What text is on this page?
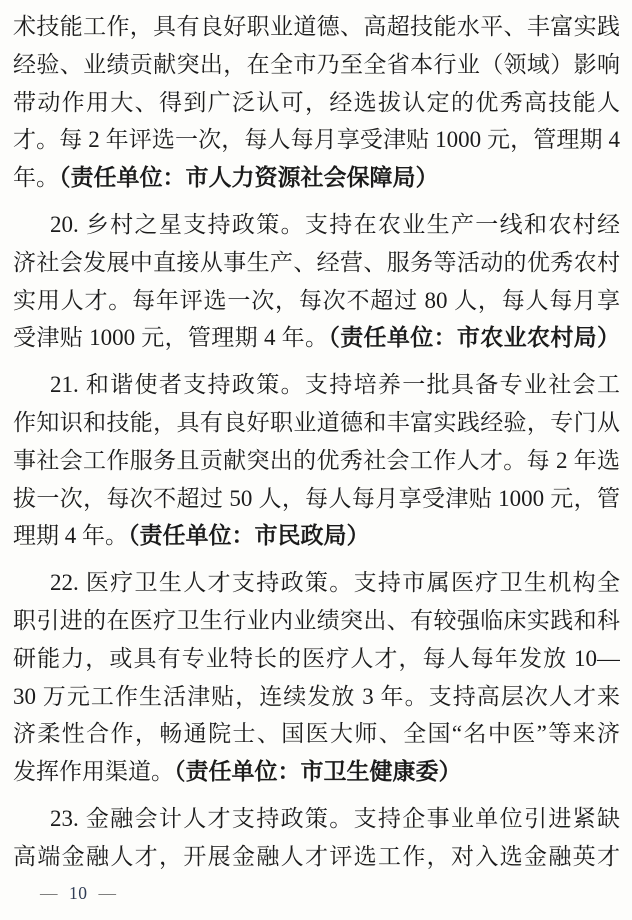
术技能工作，具有良好职业道德、高超技能水平、丰富实践
经验、业绩贡献突出，在全市乃至全省本行业（领域）影响
带动作用大、得到广泛认可，经选拔认定的优秀高技能人
才。每 2 年评选一次，每人每月享受津贴 1000 元，管理期 4
年。（责任单位：市人力资源社会保障局）
20. 乡村之星支持政策。支持在农业生产一线和农村经
济社会发展中直接从事生产、经营、服务等活动的优秀农村
实用人才。每年评选一次，每次不超过 80 人，每人每月享
受津贴 1000 元，管理期 4 年。（责任单位：市农业农村局）
21. 和谐使者支持政策。支持培养一批具备专业社会工
作知识和技能，具有良好职业道德和丰富实践经验，专门从
事社会工作服务且贡献突出的优秀社会工作人才。每 2 年选
拔一次，每次不超过 50 人，每人每月享受津贴 1000 元，管
理期 4 年。（责任单位：市民政局）
22. 医疗卫生人才支持政策。支持市属医疗卫生机构全
职引进的在医疗卫生行业内业绩突出、有较强临床实践和科
研能力，或具有专业特长的医疗人才，每人每年发放 10—
30 万元工作生活津贴，连续发放 3 年。支持高层次人才来
济柔性合作，畅通院士、国医大师、全国“名中医”等来济
发挥作用渠道。（责任单位：市卫生健康委）
23. 金融会计人才支持政策。支持企事业单位引进紧缺
高端金融人才，开展金融人才评选工作，对入选金融英才
— 10 —
